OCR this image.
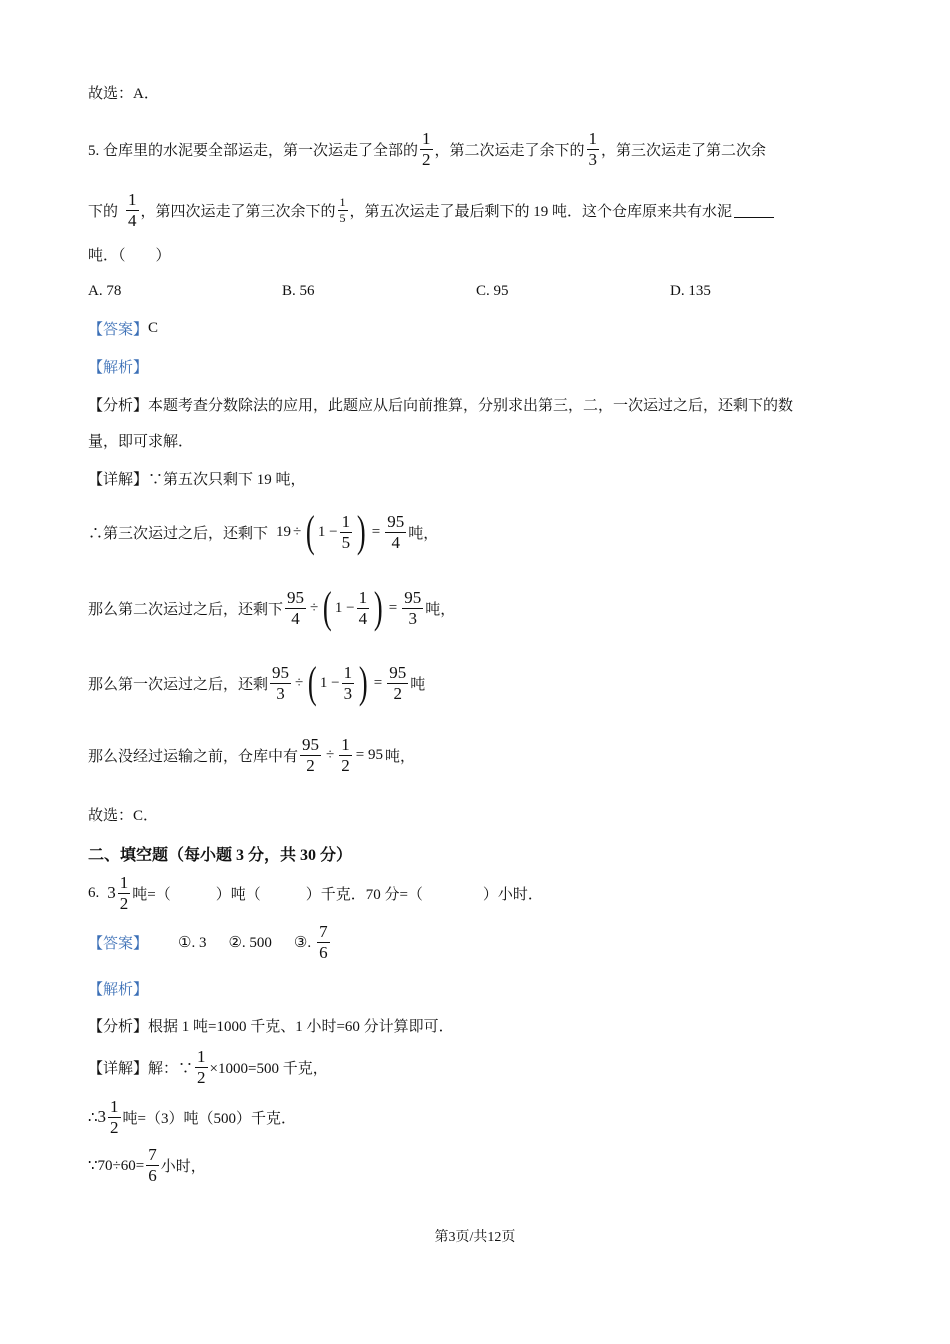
故选：A．
5. 仓库里的水泥要全部运走，第一次运走了全部的 $\frac{1}{2}$ ，第二次运走了余下的 $\frac{1}{3}$ ，第三次运走了第二次余
下的 $\frac{1}{4}$ ，第四次运走了第三次余下的 $\frac{1}{5}$ ，第五次运走了最后剩下的 19 吨．这个仓库原来共有水泥
吨．（　　）
A. 78	B. 56	C. 95	D. 135
【答案】 C
【解析】
【分析】 本题考查分数除法的应用，此题应从后向前推算，分别求出第三，二，一次运过之后，还剩下的数
量，即可求解．
【详解】 ∵第五次只剩下 19 吨，
∴第三次运过之后，还剩下 19 ÷ ( $1 - \frac{1}{5}$ ) = $\frac{95}{4}$ 吨，
那么第二次运过之后，还剩下 $\frac{95}{4}$ ÷ ( $1 - \frac{1}{4}$ ) = $\frac{95}{3}$ 吨，
那么第一次运过之后，还剩 $\frac{95}{3}$ ÷ ( $1 - \frac{1}{3}$ ) = $\frac{95}{2}$ 吨
那么没经过运输之前，仓库中有 $\frac{95}{2} \div \frac{1}{2} = 95$ 吨，
故选：C．
二、填空题（每小题 3 分，共 30 分）
6. $3 \frac{1}{2}$ 吨=（　　　）吨（　　　）千克．70 分=（　　　　）小时．
【答案】 ①. 3 ②. 500 ③. $\frac{7}{6}$
【解析】
【分析】 根据 1 吨=1000 千克、1 小时=60 分计算即可．
【详解】 解：∵ $\frac{1}{2} \times 1000=500$ 千克，
∴ $3 \frac{1}{2}$ 吨=（3）吨（500）千克．
∵70÷60= $\frac{7}{6}$ 小时，
第3页/共12页
